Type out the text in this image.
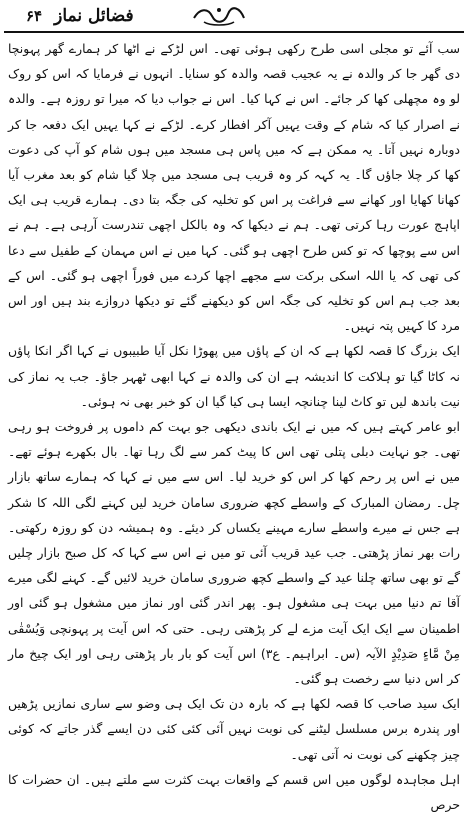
فضائل نماز
۶۴

سب آئے تو مجلی اسی طرح رکھی ہوئی تھی۔ اس لڑکے نے اٹھا کر ہمارے گھر پہونچا دی گھر جا کر والدہ نے یہ عجیب قصہ والدہ کو سنایا۔ انہوں نے فرمایا کہ اس کو روک لو وہ مچھلی کھا کر جائے۔ اس نے کہا کیا۔ اس نے جواب دیا کہ میرا تو روزہ ہے۔ والدہ نے اصرار کیا کہ شام کے وقت یہیں آکر افطار کرے۔ لڑکے نے کہا یہیں ایک دفعہ جا کر دوبارہ نہیں آتا۔ یہ ممکن ہے کہ میں پاس ہی مسجد میں ہوں شام کو آپ کی دعوت کھا کر چلا جاؤں گا۔ یہ کہہ کر وہ قریب ہی مسجد میں چلا گیا شام کو بعد مغرب آیا کھانا کھایا اور کھانے سے فراغت پر اس کو تخلیہ کی جگہ بتا دی۔ ہمارے قریب ہی ایک اپاہج عورت رہا کرتی تھی۔ ہم نے دیکھا کہ وہ بالکل اچھی تندرست آرہی ہے۔ ہم نے اس سے پوچھا کہ تو کس طرح اچھی ہو گئی۔ کہا میں نے اس مہمان کے طفیل سے دعا کی تھی کہ یا اللہ اسکی برکت سے مجھے اچھا کردے میں فوراً اچھی ہو گئی۔ اس کے بعد جب ہم اس کو تخلیہ کی جگہ اس کو دیکھنے گئے تو دیکھا دروازے بند ہیں اور اس مرد کا کہیں پتہ نہیں۔

ایک بزرگ کا قصہ لکھا ہے کہ ان کے پاؤں میں پھوڑا نکل آیا طبیبوں نے کہا اگر انکا پاؤں نہ کاٹا گیا تو ہلاکت کا اندیشہ ہے ان کی والدہ نے کہا ابھی ٹھہر جاؤ۔ جب یہ نماز کی نیت باندھ لیں تو کاٹ لینا چنانچہ ایسا ہی کیا گیا ان کو خبر بھی نہ ہوئی۔

ابو عامر کہتے ہیں کہ میں نے ایک باندی دیکھی جو بہت کم داموں پر فروخت ہو رہی تھی۔ جو نہایت دبلی پتلی تھی اس کا پیٹ کمر سے لگ رہا تھا۔ بال بکھرے ہوئے تھے۔ میں نے اس پر رحم کھا کر اس کو خرید لیا۔ اس سے میں نے کہا کہ ہمارے ساتھ بازار چل۔ رمضان المبارک کے واسطے کچھ ضروری سامان خرید لیں کہنے لگی اللہ کا شکر ہے جس نے میرے واسطے سارے مہینے یکساں کر دیئے۔ وہ ہمیشہ دن کو روزہ رکھتی۔ رات بھر نماز پڑھتی۔ جب عید قریب آئی تو میں نے اس سے کہا کہ کل صبح بازار چلیں گے تو بھی ساتھ چلنا عید کے واسطے کچھ ضروری سامان خرید لائیں گے۔ کہنے لگی میرے آقا تم دنیا میں بہت ہی مشغول ہو۔ پھر اندر گئی اور نماز میں مشغول ہو گئی اور اطمینان سے ایک ایک آیت مزے لے کر پڑھتی رہی۔ حتی کہ اس آیت پر پہونچی وَیُسْقٰی مِنْ مَّاءٍ صَدِیْدٍ الآیہ (س۔ ابراہیم۔ ع۳) اس آیت کو بار بار پڑھتی رہی اور ایک چیخ مار کر اس دنیا سے رخصت ہو گئی۔

ایک سید صاحب کا قصہ لکھا ہے کہ بارہ دن تک ایک ہی وضو سے ساری نمازیں پڑھیں اور پندرہ برس مسلسل لیٹنے کی نوبت نہیں آئی کئی کئی دن ایسے گذر جاتے کہ کوئی چیز چکھنے کی نوبت نہ آتی تھی۔

اہل مجاہدہ لوگوں میں اس قسم کے واقعات بہت کثرت سے ملتے ہیں۔ ان حضرات کا حرص
